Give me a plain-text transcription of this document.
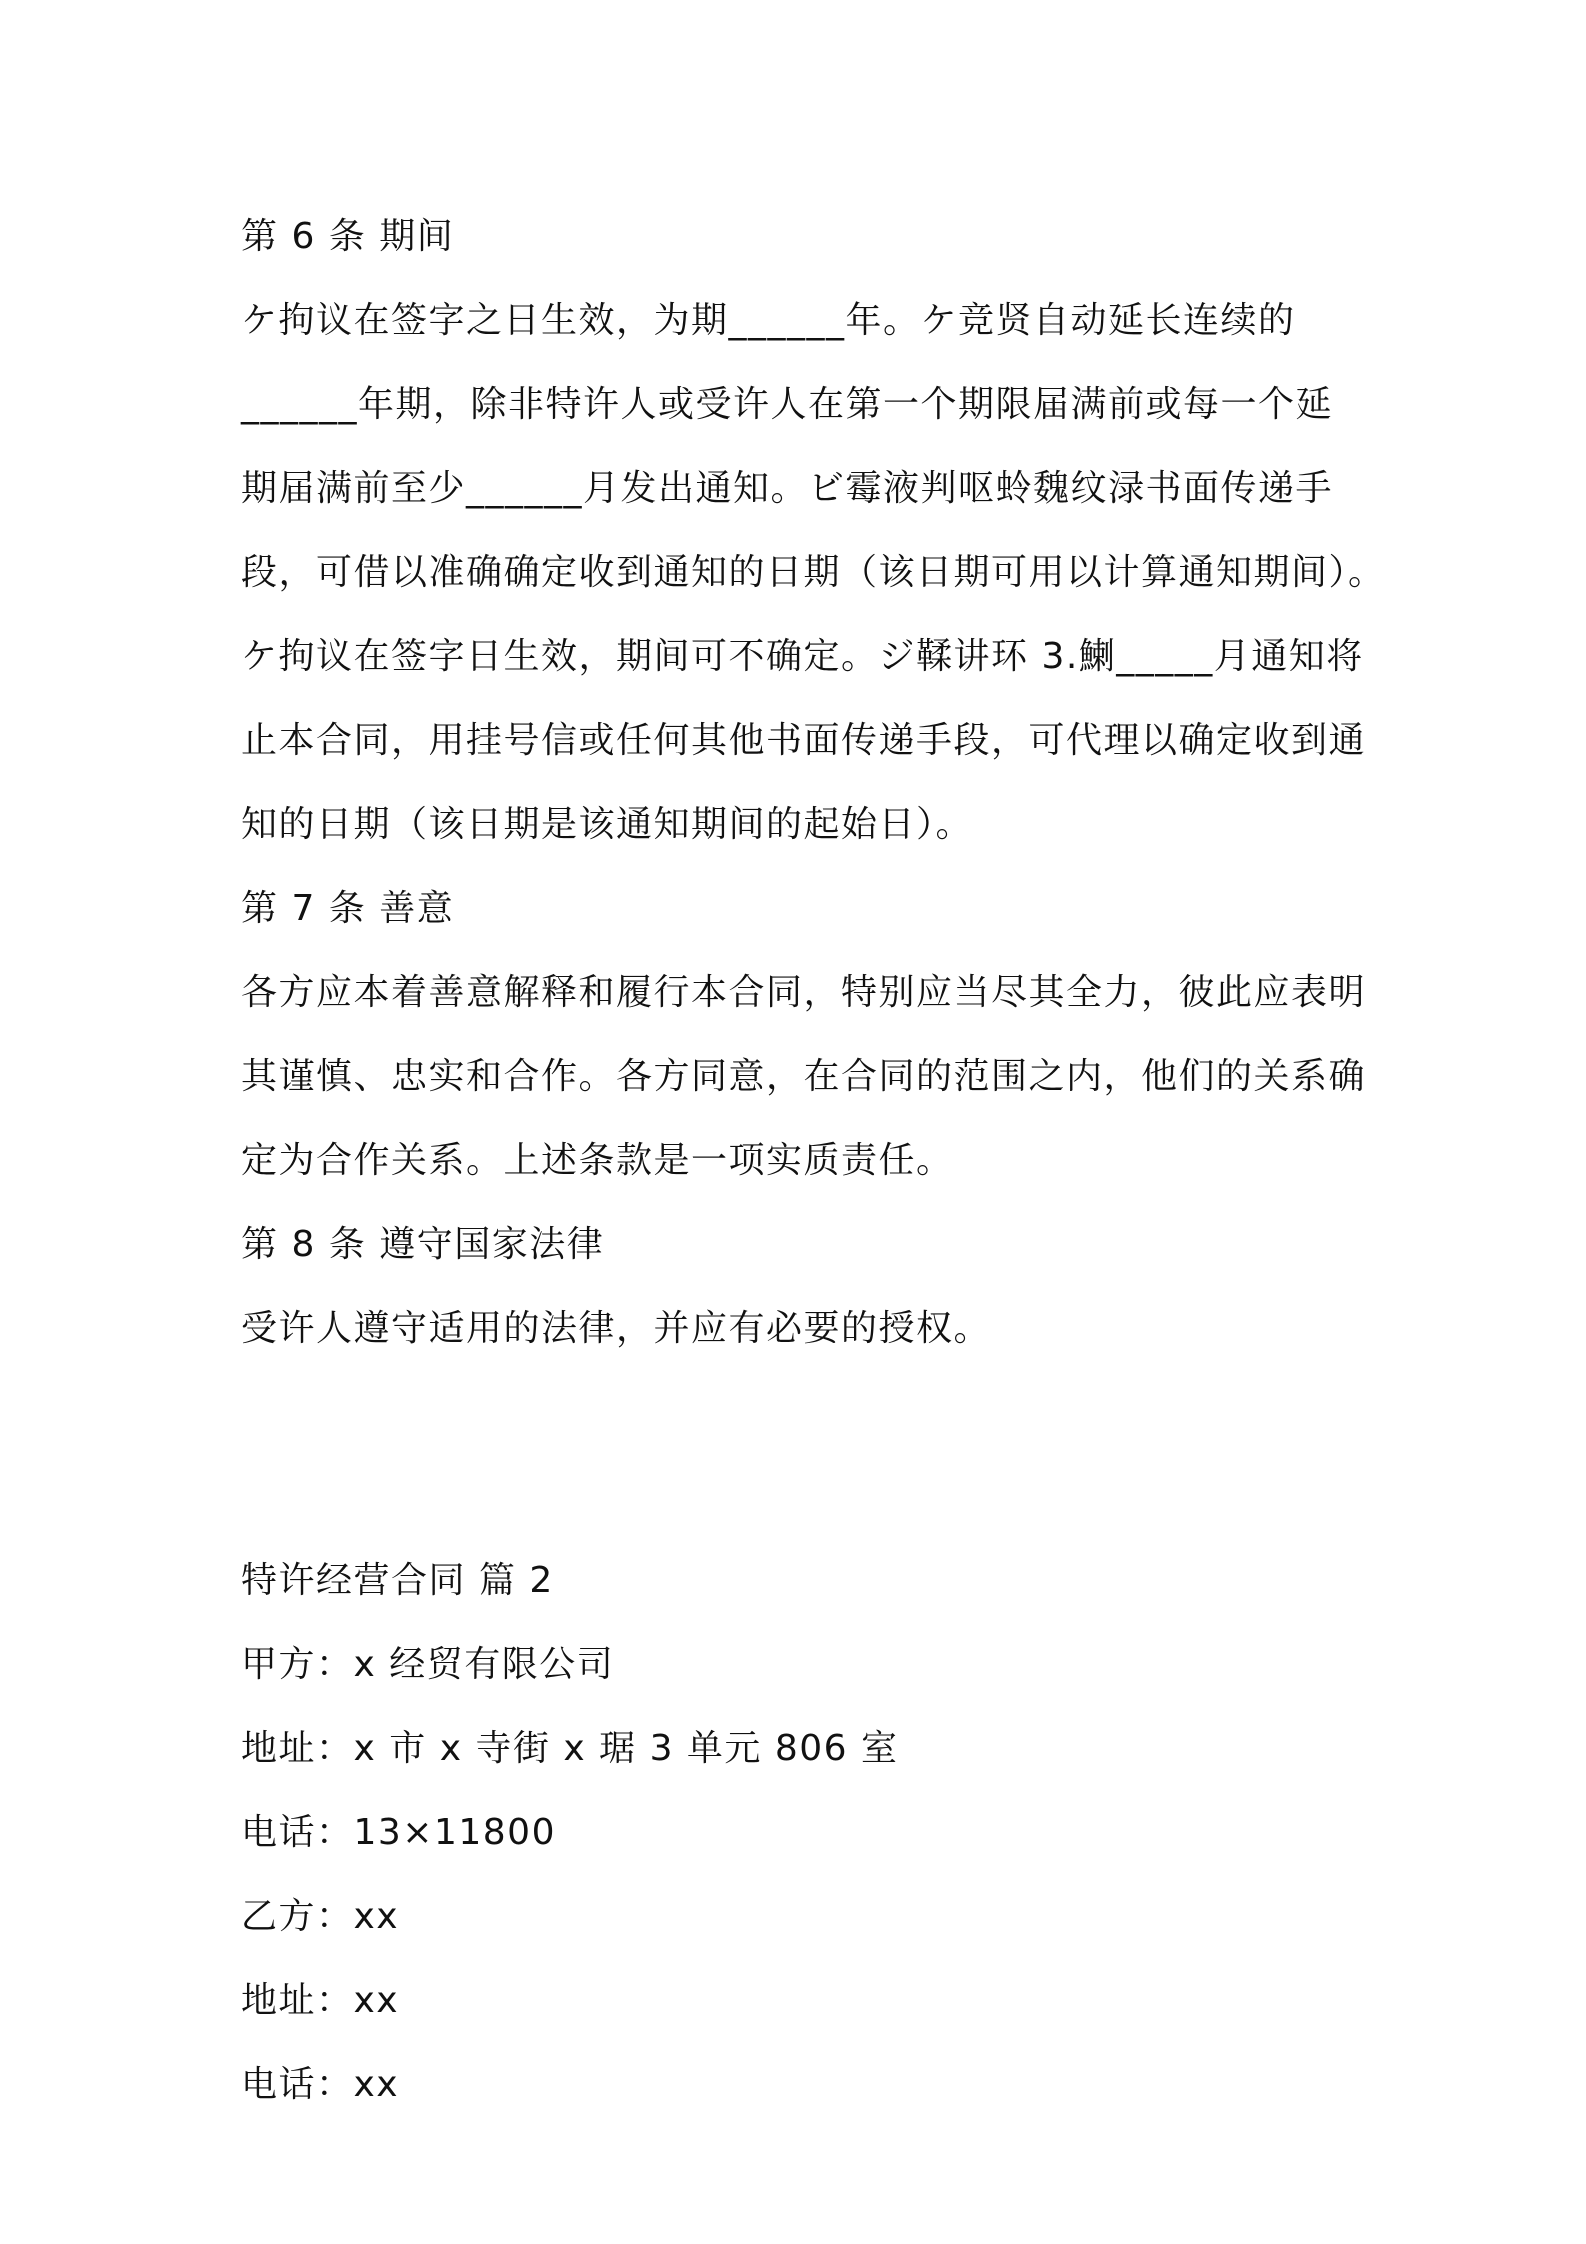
第 6 条 期间
ケ拘议在签字之日生效，为期______年。ケ竞贤自动延长连续的
______年期，除非特许人或受许人在第一个期限届满前或每一个延
期届满前至少______月发出通知。ビ霉液判呕蛉魏纹渌书面传递手
段，可借以准确确定收到通知的日期（该日期可用以计算通知期间）。
ケ拘议在签字日生效，期间可不确定。ジ鞣讲环 3.鯻_____月通知将
止本合同，用挂号信或任何其他书面传递手段，可代理以确定收到通
知的日期（该日期是该通知期间的起始日）。
第 7 条 善意
各方应本着善意解释和履行本合同，特别应当尽其全力，彼此应表明
其谨慎、忠实和合作。各方同意，在合同的范围之内，他们的关系确
定为合作关系。上述条款是一项实质责任。
第 8 条 遵守国家法律
受许人遵守适用的法律，并应有必要的授权。
特许经营合同 篇 2
甲方：x 经贸有限公司
地址：x 市 x 寺街 x 琚 3 单元 806 室
电话：13×11800
乙方：xx
地址：xx
电话：xx
